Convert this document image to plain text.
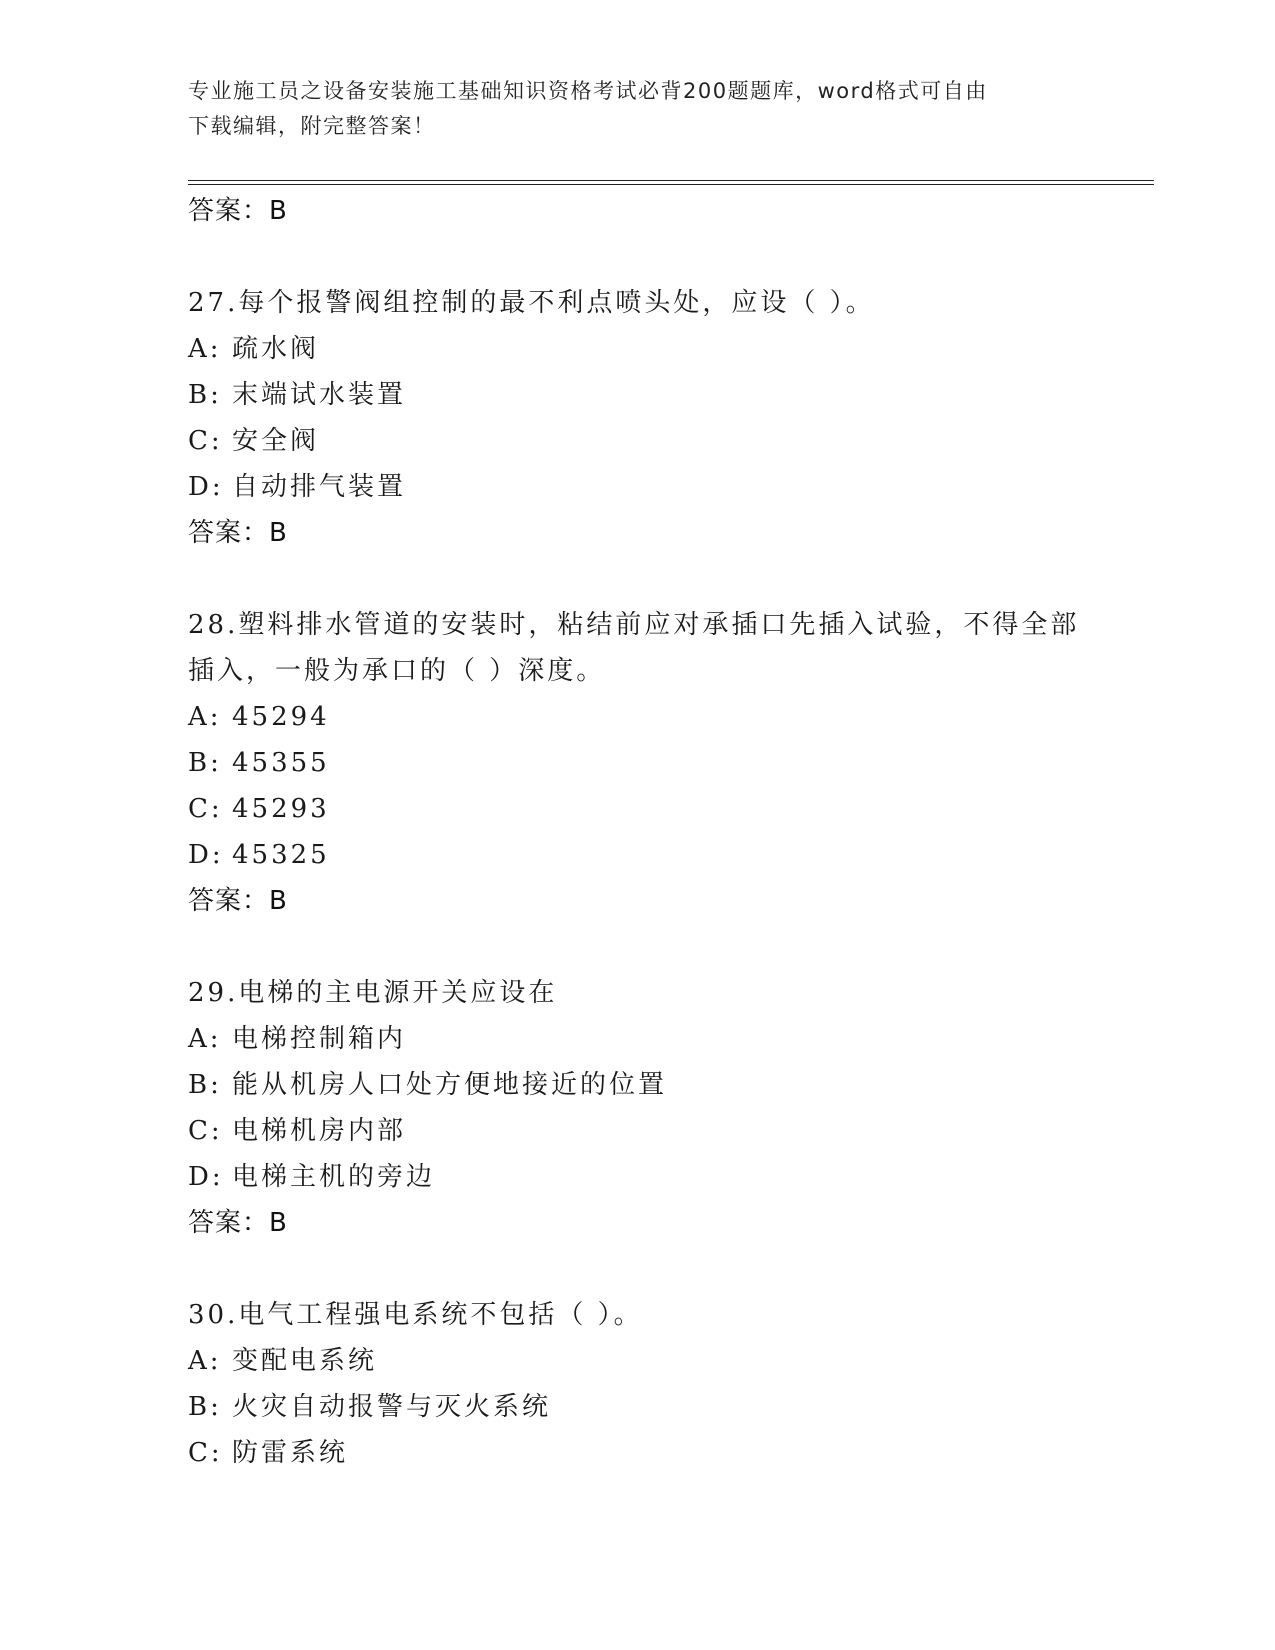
专业施工员之设备安装施工基础知识资格考试必背200题题库，word格式可自由
下载编辑，附完整答案！
答案：B
27.每个报警阀组控制的最不利点喷头处，应设（ ）。
A: 疏水阀
B: 末端试水装置
C: 安全阀
D: 自动排气装置
答案：B
28.塑料排水管道的安装时，粘结前应对承插口先插入试验，不得全部
插入，一般为承口的（ ）深度。
A: 45294
B: 45355
C: 45293
D: 45325
答案：B
29.电梯的主电源开关应设在
A: 电梯控制箱内
B: 能从机房人口处方便地接近的位置
C: 电梯机房内部
D: 电梯主机的旁边
答案：B
30.电气工程强电系统不包括（ ）。
A: 变配电系统
B: 火灾自动报警与灭火系统
C: 防雷系统
